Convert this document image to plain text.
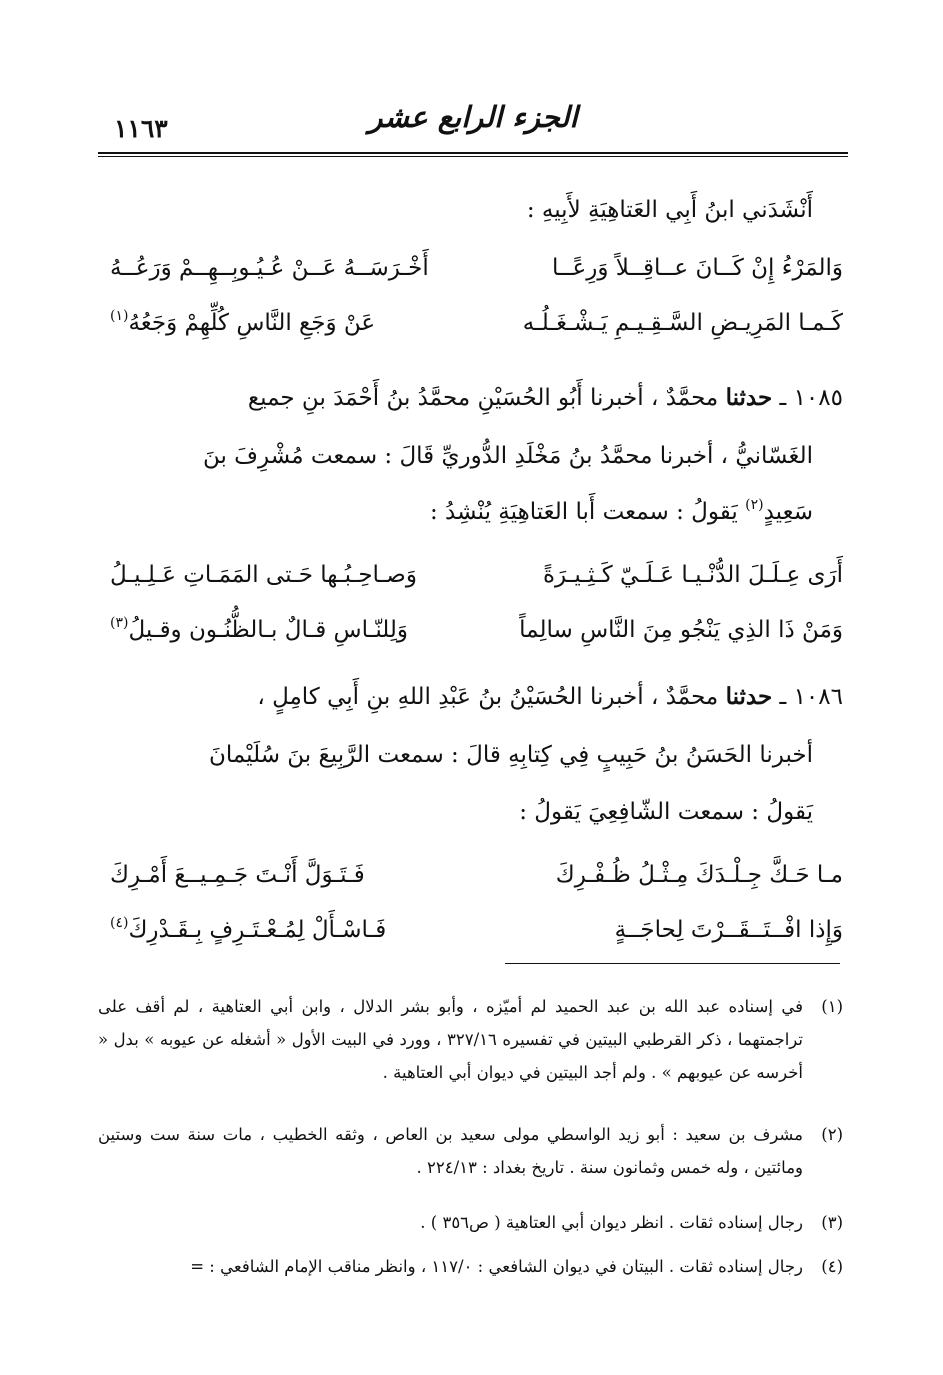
الجزء الرابع عشر
١١٦٣
أَنْشَدَني ابنُ أَبِي العَتاهِيَةِ لأَبِيهِ :
وَالمَرْءُ إِنْ كَــانَ عــاقِــلاً وَرِعًــا
أَخْـرَسَــهُ عَــنْ عُـيُـوبِــهِــمْ وَرَعُــهُ
كَـمـا المَرِيـضِ السَّـقِـيـمِ يَـشْـغَـلُـه
عَنْ وَجَعِ النَّاسِ كُلِّهِمْ وَجَعُهُ$^{(١)}$
١٠٨٥ ـ حدثنا محمَّدٌ ، أخبرنا أَبُو الحُسَيْنِ محمَّدُ بنُ أَحْمَدَ بنِ جميع
الغَسّانيُّ ، أخبرنا محمَّدُ بنُ مَخْلَدِ الدُّوريِّ قَالَ : سمعت مُشْرِفَ بنَ
سَعِيدٍ$^{(٢)}$ يَقولُ : سمعت أَبا العَتاهِيَةِ يُنْشِدُ :
أَرَى عِـلَـلَ الدُّنْـيـا عَـلَـيّ كَـثِـيـرَةً
وَصـاحِـبُـها حَـتى المَمَـاتِ عَـلِـيـلُ
وَمَنْ ذَا الذِي يَنْجُو مِنَ النَّاسِ سالِماً
وَلِلنّـاسِ قـالٌ بـالظُّنُـون وقـيلُ$^{(٣)}$
١٠٨٦ ـ حدثنا محمَّدٌ ، أخبرنا الحُسَيْنُ بنُ عَبْدِ اللهِ بنِ أَبِي كامِلٍ ،
أخبرنا الحَسَنُ بنُ حَبِيبٍ فِي كِتابِهِ قالَ : سمعت الرَّبِيعَ بنَ سُلَيْمانَ
يَقولُ : سمعت الشّافِعِيَ يَقولُ :
مـا حَـكَّ جِـلْـدَكَ مِـثْـلُ ظُـفْـرِكَ
فَـتَـوَلَّ أَنْـتَ جَـمِـيــعَ أَمْـرِكَ
وَإِذا افْــتَــقَــرْتَ لِحاجَــةٍ
فَـاسْـأَلْ لِمُـعْـتَـرِفٍ بِـقَـدْرِكَ$^{(٤)}$
(١)
في إسناده عبد الله بن عبد الحميد لم أميّزه ، وأبو بشر الدلال ، وابن أبي العتاهية ، لم أقف على تراجمتهما ، ذكر القرطبي البيتين في تفسيره ٣٢٧/١٦ ، وورد في البيت الأول « أشغله عن عيوبه » بدل « أخرسه عن عيوبهم » . ولم أجد البيتين في ديوان أبي العتاهية .
(٢)
مشرف بن سعيد : أبو زيد الواسطي مولى سعيد بن العاص ، وثقه الخطيب ، مات سنة ست وستين ومائتين ، وله خمس وثمانون سنة . تاريخ بغداد : ٢٢٤/١٣ .
(٣)
رجال إسناده ثقات . انظر ديوان أبي العتاهية ( ص٣٥٦ ) .
(٤)
رجال إسناده ثقات . البيتان في ديوان الشافعي : ١١٧/٠ ، وانظر مناقب الإمام الشافعي : =
